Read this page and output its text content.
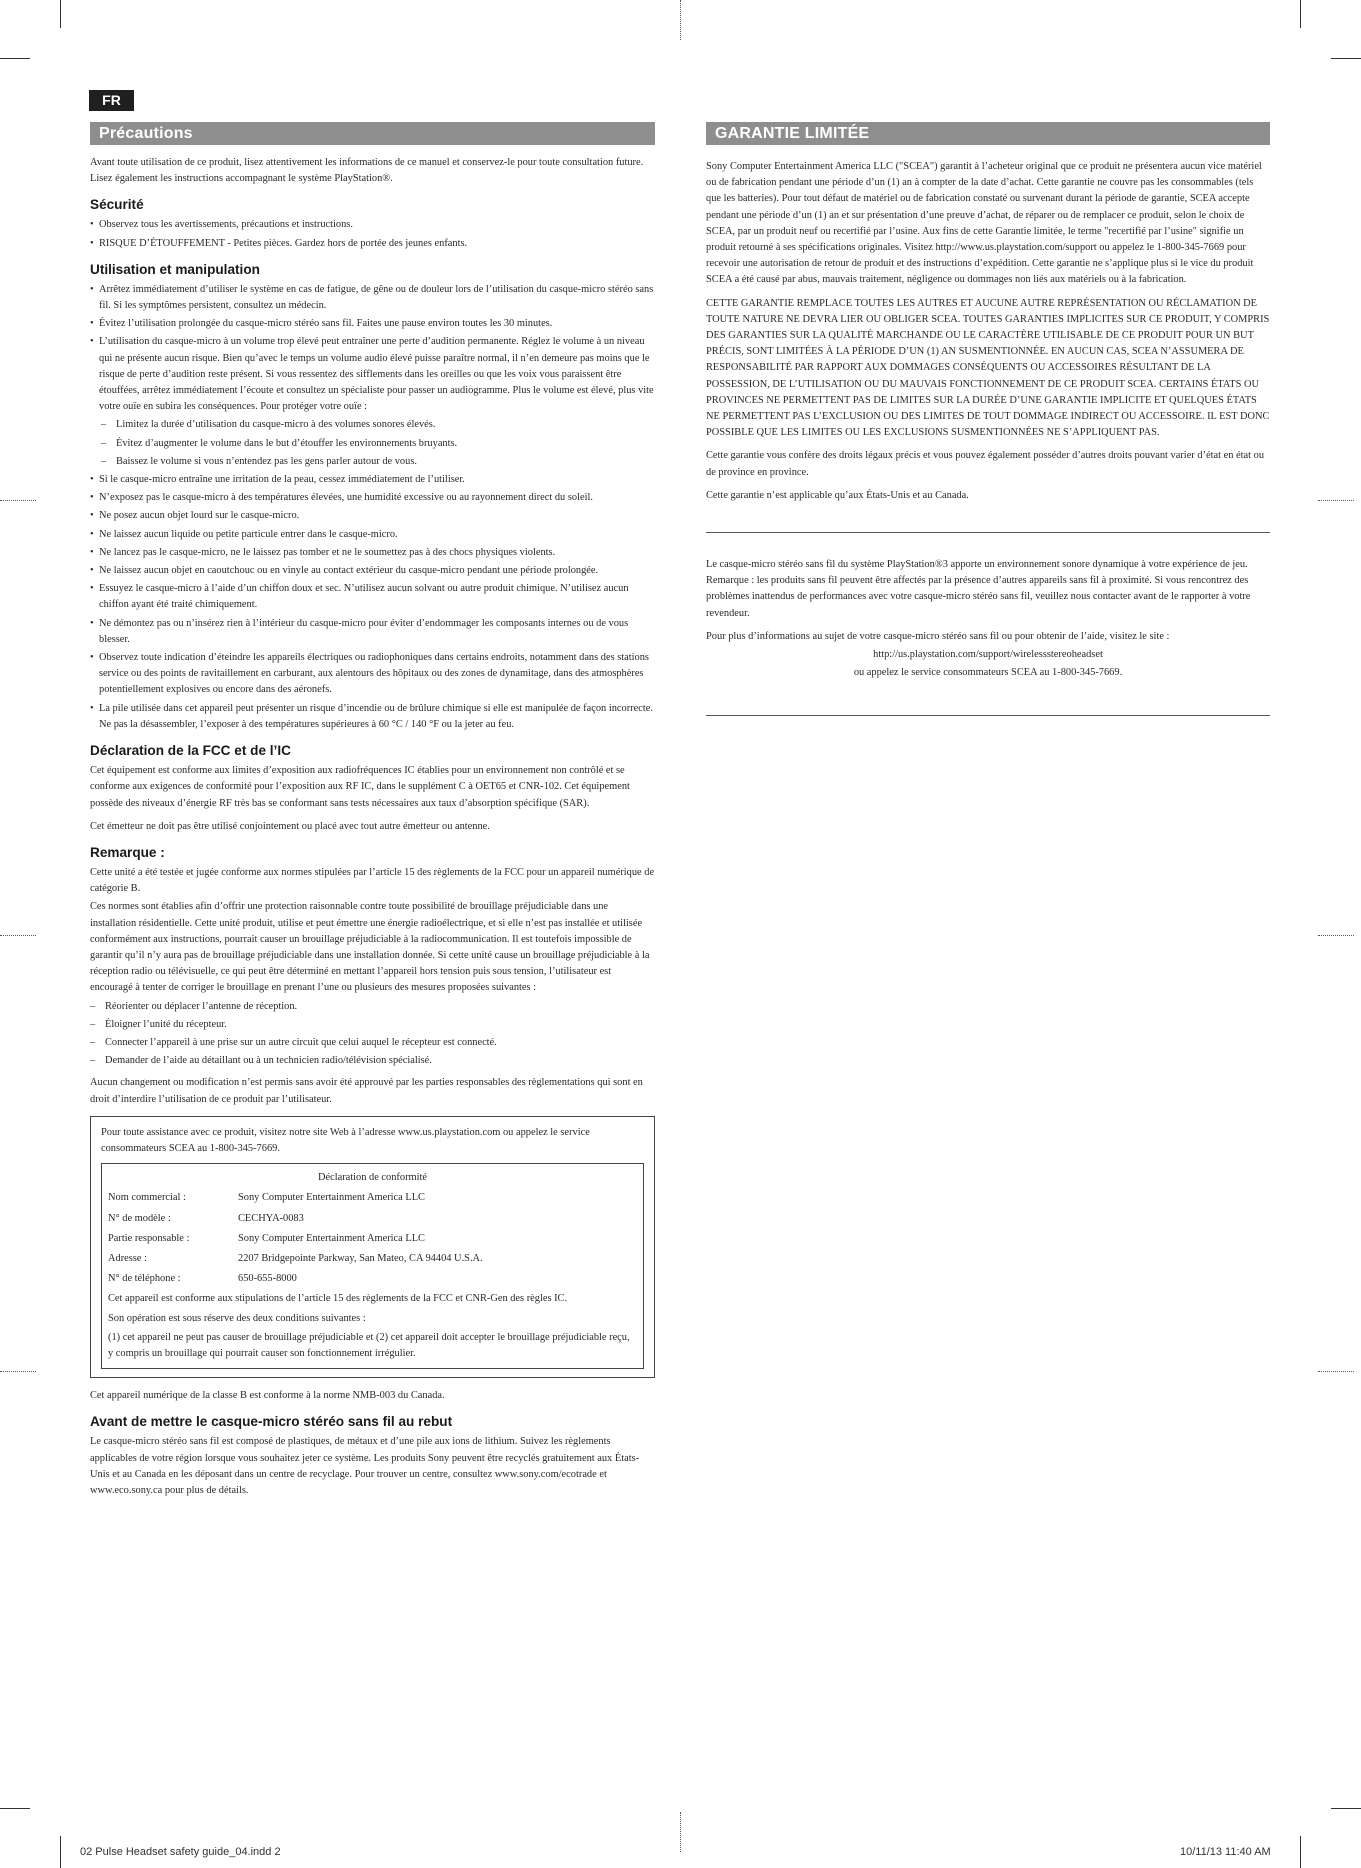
FR
Précautions

Avant toute utilisation de ce produit, lisez attentivement les informations de ce manuel et conservez-le pour toute consultation future. Lisez également les instructions accompagnant le système PlayStation®.

Sécurité
• Observez tous les avertissements, précautions et instructions.
• RISQUE D’ÉTOUFFEMENT - Petites pièces. Gardez hors de portée des jeunes enfants.
Utilisation et manipulation
• Arrêtez immédiatement d’utiliser le système en cas de fatigue, de gêne ou de douleur lors de l’utilisation du casque-micro stéréo sans fil. Si les symptômes persistent, consultez un médecin.
• Évitez l’utilisation prolongée du casque-micro stéréo sans fil. Faites une pause environ toutes les 30 minutes.
• L’utilisation du casque-micro à un volume trop élevé peut entraîner une perte d’audition permanente. Réglez le volume à un niveau qui ne présente aucun risque. Bien qu’avec le temps un volume audio élevé puisse paraître normal, il n’en demeure pas moins que le risque de perte d’audition reste présent. Si vous ressentez des sifflements dans les oreilles ou que les voix vous paraissent être étouffées, arrêtez immédiatement l’écoute et consultez un spécialiste pour passer un audiogramme. Plus le volume est élevé, plus vite votre ouïe en subira les conséquences. Pour protéger votre ouïe :
– Limitez la durée d’utilisation du casque-micro à des volumes sonores élevés.
– Évitez d’augmenter le volume dans le but d’étouffer les environnements bruyants.
– Baissez le volume si vous n’entendez pas les gens parler autour de vous.
• Si le casque-micro entraîne une irritation de la peau, cessez immédiatement de l’utiliser.
• N’exposez pas le casque-micro à des températures élevées, une humidité excessive ou au rayonnement direct du soleil.
• Ne posez aucun objet lourd sur le casque-micro.
• Ne laissez aucun liquide ou petite particule entrer dans le casque-micro.
• Ne lancez pas le casque-micro, ne le laissez pas tomber et ne le soumettez pas à des chocs physiques violents.
• Ne laissez aucun objet en caoutchouc ou en vinyle au contact extérieur du casque-micro pendant une période prolongée.
• Essuyez le casque-micro à l’aide d’un chiffon doux et sec. N’utilisez aucun solvant ou autre produit chimique. N’utilisez aucun chiffon ayant été traité chimiquement.
• Ne démontez pas ou n’insérez rien à l’intérieur du casque-micro pour éviter d’endommager les composants internes ou de vous blesser.
• Observez toute indication d’éteindre les appareils électriques ou radiophoniques dans certains endroits, notamment dans des stations service ou des points de ravitaillement en carburant, aux alentours des hôpitaux ou des zones de dynamitage, dans des atmosphères potentiellement explosives ou encore dans des aéronefs.
• La pile utilisée dans cet appareil peut présenter un risque d’incendie ou de brûlure chimique si elle est manipulée de façon incorrecte. Ne pas la désassembler, l’exposer à des températures supérieures à 60 °C / 140 °F ou la jeter au feu.
Déclaration de la FCC et de l’IC

Cet équipement est conforme aux limites d’exposition aux radiofréquences IC établies pour un environnement non contrôlé et se conforme aux exigences de conformité pour l’exposition aux RF IC, dans le supplément C à OET65 et CNR-102. Cet équipement possède des niveaux d’énergie RF très bas se conformant sans tests nécessaires aux taux d’absorption spécifique (SAR).

Cet émetteur ne doit pas être utilisé conjointement ou placé avec tout autre émetteur ou antenne.

Remarque :

Cette unité a été testée et jugée conforme aux normes stipulées par l’article 15 des règlements de la FCC pour un appareil numérique de catégorie B.

Ces normes sont établies afin d’offrir une protection raisonnable contre toute possibilité de brouillage préjudiciable dans une installation résidentielle. Cette unité produit, utilise et peut émettre une énergie radioélectrique, et si elle n’est pas installée et utilisée conformément aux instructions, pourrait causer un brouillage préjudiciable à la radiocommunication. Il est toutefois impossible de garantir qu’il n’y aura pas de brouillage préjudiciable dans une installation donnée. Si cette unité cause un brouillage préjudiciable à la réception radio ou télévisuelle, ce qui peut être déterminé en mettant l’appareil hors tension puis sous tension, l’utilisateur est encouragé à tenter de corriger le brouillage en prenant l’une ou plusieurs des mesures proposées suivantes :

– Réorienter ou déplacer l’antenne de réception.
– Éloigner l’unité du récepteur.
– Connecter l’appareil à une prise sur un autre circuit que celui auquel le récepteur est connecté.
– Demander de l’aide au détaillant ou à un technicien radio/télévision spécialisé.

Aucun changement ou modification n’est permis sans avoir été approuvé par les parties responsables des règlementations qui sont en droit d’interdire l’utilisation de ce produit par l’utilisateur.

Pour toute assistance avec ce produit, visitez notre site Web à l’adresse www.us.playstation.com ou appelez le service consommateurs SCEA au 1-800-345-7669.

Déclaration de conformité
Nom commercial :	Sony Computer Entertainment America LLC
N° de modèle :	CECHYA-0083
Partie responsable :	Sony Computer Entertainment America LLC
Adresse :	2207 Bridgepointe Parkway, San Mateo, CA 94404 U.S.A.
N° de téléphone :	650-655-8000

Cet appareil est conforme aux stipulations de l’article 15 des règlements de la FCC et CNR-Gen des règles IC.

Son opération est sous réserve des deux conditions suivantes :

(1) cet appareil ne peut pas causer de brouillage préjudiciable et (2) cet appareil doit accepter le brouillage préjudiciable reçu, y compris un brouillage qui pourrait causer son fonctionnement irrégulier.

Cet appareil numérique de la classe B est conforme à la norme NMB-003 du Canada.

Avant de mettre le casque-micro stéréo sans fil au rebut

Le casque-micro stéréo sans fil est composé de plastiques, de métaux et d’une pile aux ions de lithium. Suivez les règlements applicables de votre région lorsque vous souhaitez jeter ce système. Les produits Sony peuvent être recyclés gratuitement aux États-Unis et au Canada en les déposant dans un centre de recyclage. Pour trouver un centre, consultez www.sony.com/ecotrade et www.eco.sony.ca pour plus de détails.

GARANTIE LIMITÉE

Sony Computer Entertainment America LLC ("SCEA") garantit à l’acheteur original que ce produit ne présentera aucun vice matériel ou de fabrication pendant une période d’un (1) an à compter de la date d’achat. Cette garantie ne couvre pas les consommables (tels que les batteries). Pour tout défaut de matériel ou de fabrication constaté ou survenant durant la période de garantie, SCEA accepte pendant une période d’un (1) an et sur présentation d’une preuve d’achat, de réparer ou de remplacer ce produit, selon le choix de SCEA, par un produit neuf ou recertifié par l’usine. Aux fins de cette Garantie limitée, le terme "recertifié par l’usine" signifie un produit retourné à ses spécifications originales. Visitez http://www.us.playstation.com/support ou appelez le 1-800-345-7669 pour recevoir une autorisation de retour de produit et des instructions d’expédition. Cette garantie ne s’applique plus si le vice du produit SCEA a été causé par abus, mauvais traitement, négligence ou dommages non liés aux matériels ou à la fabrication.

CETTE GARANTIE REMPLACE TOUTES LES AUTRES ET AUCUNE AUTRE REPRÉSENTATION OU RÉCLAMATION DE TOUTE NATURE NE DEVRA LIER OU OBLIGER SCEA. TOUTES GARANTIES IMPLICITES SUR CE PRODUIT, Y COMPRIS DES GARANTIES SUR LA QUALITÉ MARCHANDE OU LE CARACTÈRE UTILISABLE DE CE PRODUIT POUR UN BUT PRÉCIS, SONT LIMITÉES À LA PÉRIODE D’UN (1) AN SUSMENTIONNÉE. EN AUCUN CAS, SCEA N’ASSUMERA DE RESPONSABILITÉ PAR RAPPORT AUX DOMMAGES CONSÉQUENTS OU ACCESSOIRES RÉSULTANT DE LA POSSESSION, DE L’UTILISATION OU DU MAUVAIS FONCTIONNEMENT DE CE PRODUIT SCEA. CERTAINS ÉTATS OU PROVINCES NE PERMETTENT PAS DE LIMITES SUR LA DURÉE D’UNE GARANTIE IMPLICITE ET QUELQUES ÉTATS NE PERMETTENT PAS L’EXCLUSION OU DES LIMITES DE TOUT DOMMAGE INDIRECT OU ACCESSOIRE. IL EST DONC POSSIBLE QUE LES LIMITES OU LES EXCLUSIONS SUSMENTIONNÉES NE S’APPLIQUENT PAS.

Cette garantie vous confère des droits légaux précis et vous pouvez également posséder d’autres droits pouvant varier d’état en état ou de province en province.

Cette garantie n’est applicable qu’aux États-Unis et au Canada.

Le casque-micro stéréo sans fil du système PlayStation®3 apporte un environnement sonore dynamique à votre expérience de jeu. Remarque : les produits sans fil peuvent être affectés par la présence d’autres appareils sans fil à proximité. Si vous rencontrez des problèmes inattendus de performances avec votre casque-micro stéréo sans fil, veuillez nous contacter avant de le rapporter à votre revendeur.

Pour plus d’informations au sujet de votre casque-micro stéréo sans fil ou pour obtenir de l’aide, visitez le site :

http://us.playstation.com/support/wirelessstereoheadset

ou appelez le service consommateurs SCEA au 1-800-345-7669.

02 Pulse Headset safety guide_04.indd 2	10/11/13 11:40 AM
